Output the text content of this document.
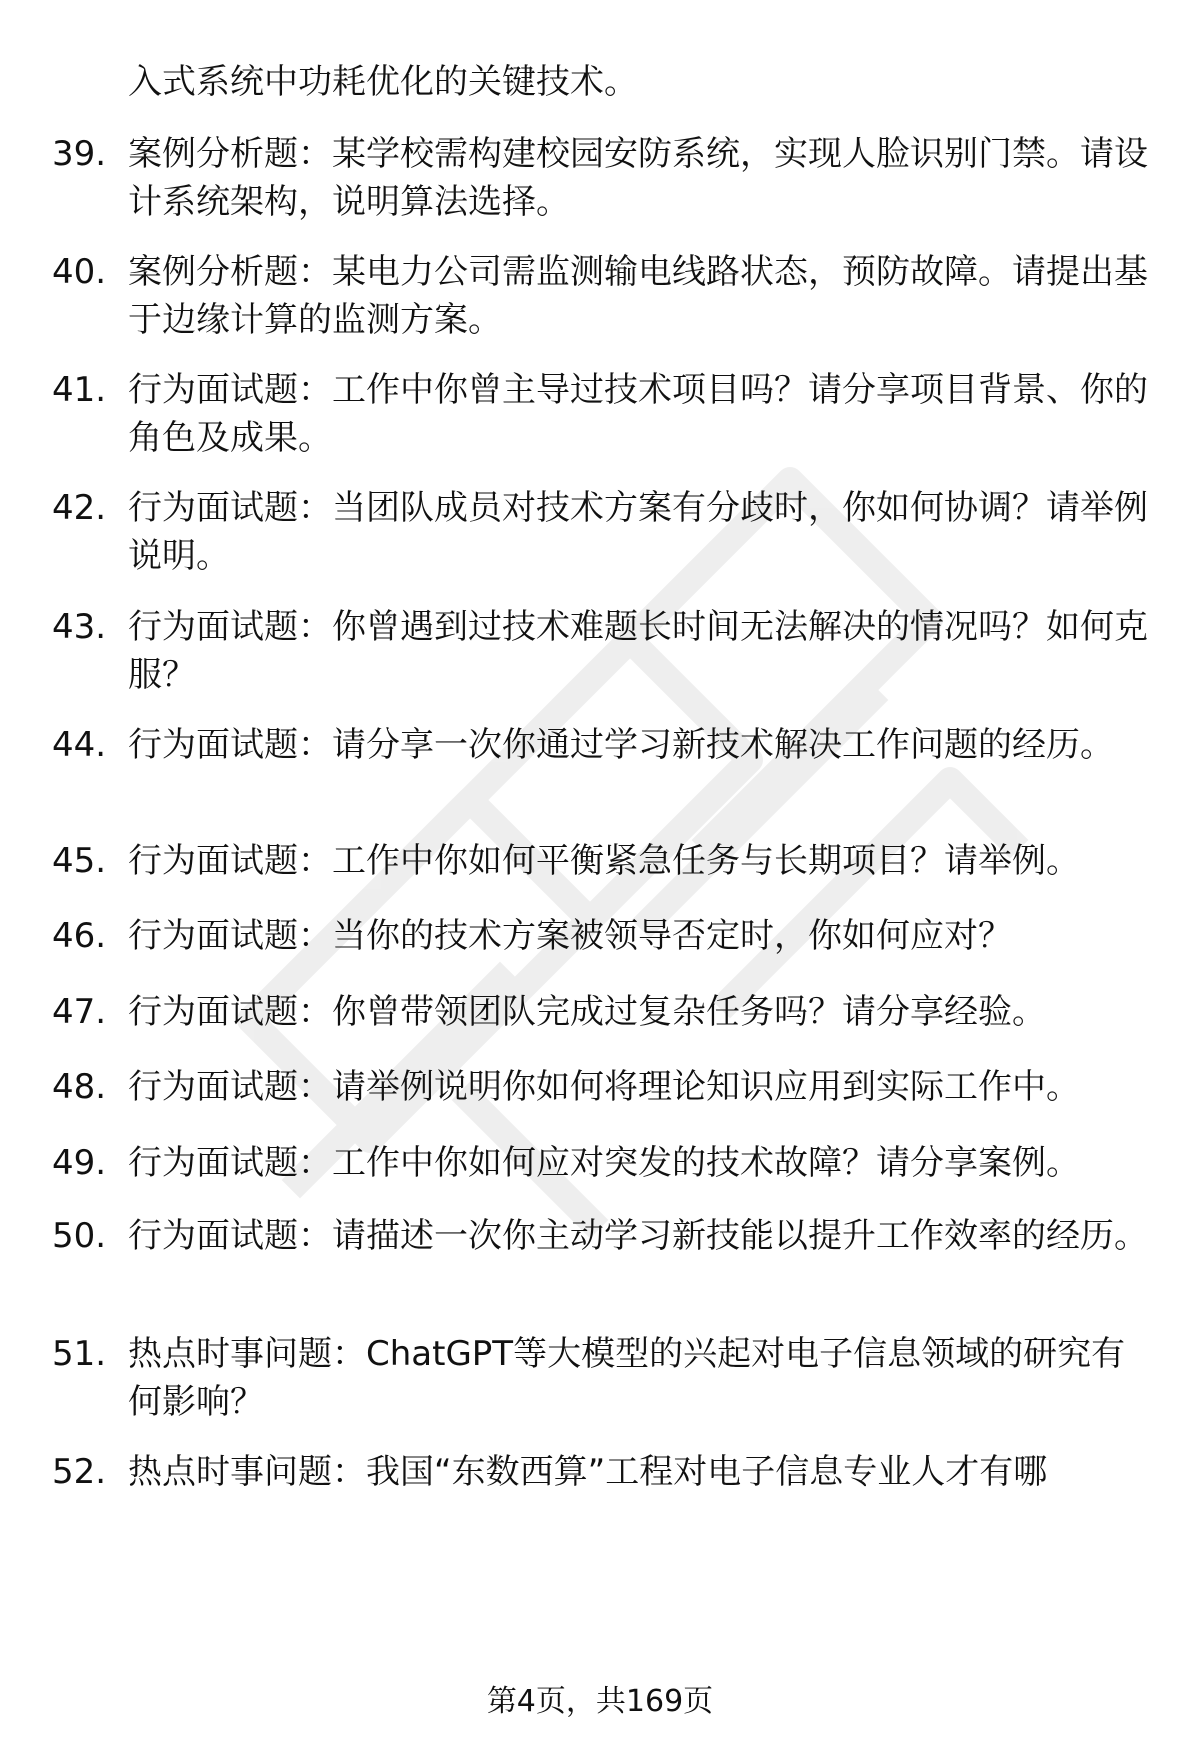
入式系统中功耗优化的关键技术。

39. 案例分析题：某学校需构建校园安防系统，实现人脸识别门禁。请设计系统架构，说明算法选择。
40. 案例分析题：某电力公司需监测输电线路状态，预防故障。请提出基于边缘计算的监测方案。
41. 行为面试题：工作中你曾主导过技术项目吗？请分享项目背景、你的角色及成果。
42. 行为面试题：当团队成员对技术方案有分歧时，你如何协调？请举例说明。
43. 行为面试题：你曾遇到过技术难题长时间无法解决的情况吗？如何克服？
44. 行为面试题：请分享一次你通过学习新技术解决工作问题的经历。
45. 行为面试题：工作中你如何平衡紧急任务与长期项目？请举例。
46. 行为面试题：当你的技术方案被领导否定时，你如何应对？
47. 行为面试题：你曾带领团队完成过复杂任务吗？请分享经验。
48. 行为面试题：请举例说明你如何将理论知识应用到实际工作中。
49. 行为面试题：工作中你如何应对突发的技术故障？请分享案例。
50. 行为面试题：请描述一次你主动学习新技能以提升工作效率的经历。
51. 热点时事问题：ChatGPT等大模型的兴起对电子信息领域的研究有何影响？
52. 热点时事问题：我国“东数西算”工程对电子信息专业人才有哪
第4页，共169页
